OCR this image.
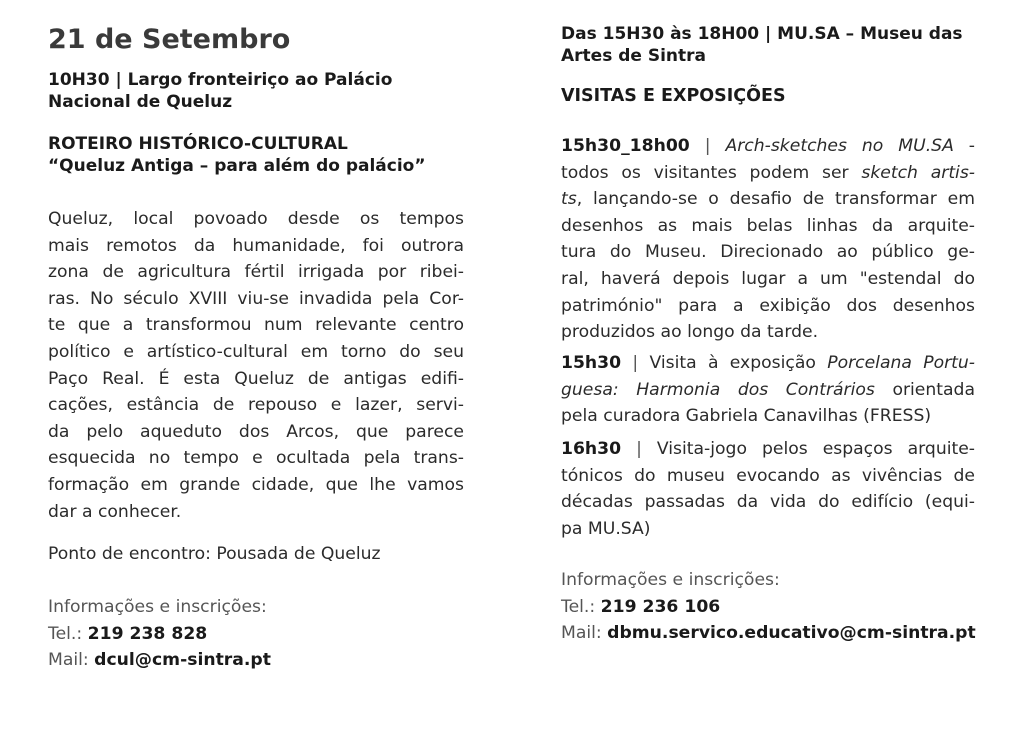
21 de Setembro
10H30 | Largo fronteiriço ao Palácio
Nacional de Queluz
ROTEIRO HISTÓRICO-CULTURAL
“Queluz Antiga – para além do palácio”
Queluz, local povoado desde os tempos
mais remotos da humanidade, foi outrora
zona de agricultura fértil irrigada por ribei-
ras. No século XVIII viu-se invadida pela Cor-
te que a transformou num relevante centro
político e artístico-cultural em torno do seu
Paço Real. É esta Queluz de antigas edifi-
cações, estância de repouso e lazer, servi-
da pelo aqueduto dos Arcos, que parece
esquecida no tempo e ocultada pela trans-
formação em grande cidade, que lhe vamos
dar a conhecer.
Ponto de encontro: Pousada de Queluz
Informações e inscrições:
Tel.: 219 238 828
Mail: dcul@cm-sintra.pt
Das 15H30 às 18H00 | MU.SA – Museu das
Artes de Sintra
VISITAS E EXPOSIÇÕES
15h30_18h00 | Arch-sketches no MU.SA -
todos os visitantes podem ser sketch artis-
ts, lançando-se o desafio de transformar em
desenhos as mais belas linhas da arquite-
tura do Museu. Direcionado ao público ge-
ral, haverá depois lugar a um "estendal do
património" para a exibição dos desenhos
produzidos ao longo da tarde.
15h30 | Visita à exposição Porcelana Portu-
guesa: Harmonia dos Contrários orientada
pela curadora Gabriela Canavilhas (FRESS)
16h30 | Visita-jogo pelos espaços arquite-
tónicos do museu evocando as vivências de
décadas passadas da vida do edifício (equi-
pa MU.SA)
Informações e inscrições:
Tel.: 219 236 106
Mail: dbmu.servico.educativo@cm-sintra.pt
